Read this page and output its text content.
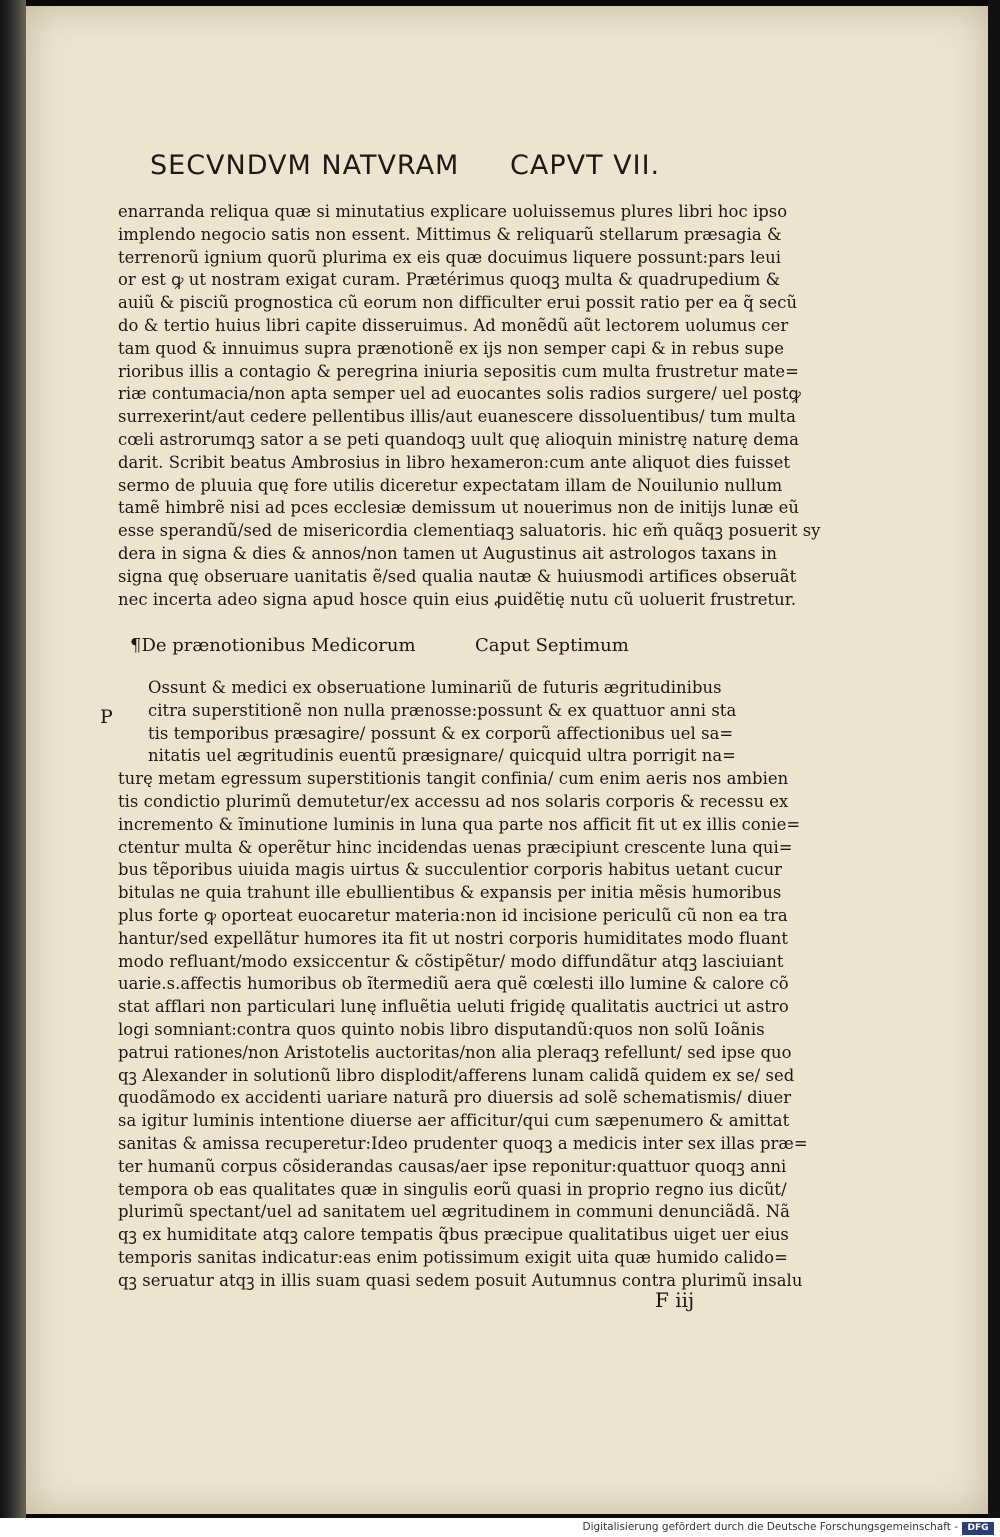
SECVNDVM NATVRAM CAPVT VII.
enarranda reliqua quæ si minutatius explicare uoluissemus plures libri hoc ipso
implendo negocio satis non essent. Mittimus & reliquarũ stellarum præsagia &
terrenorũ ignium quorũ plurima ex eis quæ docuimus liquere possunt:pars leui
or est ꝙ ut nostram exigat curam. Prætérimus quoqꝫ multa & quadrupedium &
auiũ & pisciũ prognostica cũ eorum non difficulter erui possit ratio per ea q̃ secũ
do & tertio huius libri capite disseruimus. Ad monẽdũ aũt lectorem uolumus cer
tam quod & innuimus supra prænotionẽ ex ijs non semper capi & in rebus supe
rioribus illis a contagio & peregrina iniuria sepositis cum multa frustretur mate=
riæ contumacia/non apta semper uel ad euocantes solis radios surgere/ uel postꝙ
surrexerint/aut cedere pellentibus illis/aut euanescere dissoluentibus/ tum multa
cœli astrorumqꝫ sator a se peti quandoqꝫ uult quę alioquin ministrę naturę dema
darit. Scribit beatus Ambrosius in libro hexameron:cum ante aliquot dies fuisset
sermo de pluuia quę fore utilis diceretur expectatam illam de Nouilunio nullum
tamẽ himbrẽ nisi ad pces ecclesiæ demissum ut nouerimus non de initijs lunæ eũ
esse sperandũ/sed de misericordia clementiaqꝫ saluatoris. hic em̃ quãqꝫ posuerit sy
dera in signa & dies & annos/non tamen ut Augustinus ait astrologos taxans in
signa quę obseruare uanitatis ẽ/sed qualia nautæ & huiusmodi artifices obseruãt
nec incerta adeo signa apud hosce quin eius ꝓuidẽtię nutu cũ uoluerit frustretur.
¶De prænotionibus Medicorum	Caput Septimum
P
Ossunt & medici ex obseruatione luminariũ de futuris ægritudinibus
citra superstitionẽ non nulla prænosse:possunt & ex quattuor anni sta
tis temporibus præsagire/ possunt & ex corporũ affectionibus uel sa=
nitatis uel ægritudinis euentũ præsignare/ quicquid ultra porrigit na=
turę metam egressum superstitionis tangit confinia/ cum enim aeris nos ambien
tis condictio plurimũ demutetur/ex accessu ad nos solaris corporis & recessu ex
incremento & ĩminutione luminis in luna qua parte nos afficit fit ut ex illis conie=
ctentur multa & operẽtur hinc incidendas uenas præcipiunt crescente luna qui=
bus tẽporibus uiuida magis uirtus & succulentior corporis habitus uetant cucur
bitulas ne quia trahunt ille ebullientibus & expansis per initia mẽsis humoribus
plus forte ꝙ oporteat euocaretur materia:non id incisione periculũ cũ non ea tra
hantur/sed expellãtur humores ita fit ut nostri corporis humiditates modo fluant
modo refluant/modo exsiccentur & cõstipẽtur/ modo diffundãtur atqꝫ lasciuiant
uarie.s.affectis humoribus ob ĩtermediũ aera quẽ cœlesti illo lumine & calore cõ
stat afflari non particulari lunę influẽtia ueluti frigidę qualitatis auctrici ut astro
logi somniant:contra quos quinto nobis libro disputandũ:quos non solũ Ioãnis
patrui rationes/non Aristotelis auctoritas/non alia pleraqꝫ refellunt/ sed ipse quo
qꝫ Alexander in solutionũ libro displodit/afferens lunam calidã quidem ex se/ sed
quodãmodo ex accidenti uariare naturã pro diuersis ad solẽ schematismis/ diuer
sa igitur luminis intentione diuerse aer afficitur/qui cum sæpenumero & amittat
sanitas & amissa recuperetur:Ideo prudenter quoqꝫ a medicis inter sex illas præ=
ter humanũ corpus cõsiderandas causas/aer ipse reponitur:quattuor quoqꝫ anni
tempora ob eas qualitates quæ in singulis eorũ quasi in proprio regno ius dicũt/
plurimũ spectant/uel ad sanitatem uel ægritudinem in communi denunciãdã. Nã
qꝫ ex humiditate atqꝫ calore tempatis q̃bus præcipue qualitatibus uiget uer eius
temporis sanitas indicatur:eas enim potissimum exigit uita quæ humido calido=
qꝫ seruatur atqꝫ in illis suam quasi sedem posuit Autumnus contra plurimũ insalu
F iij
Digitalisierung gefördert durch die Deutsche Forschungsgemeinschaft -	DFG
